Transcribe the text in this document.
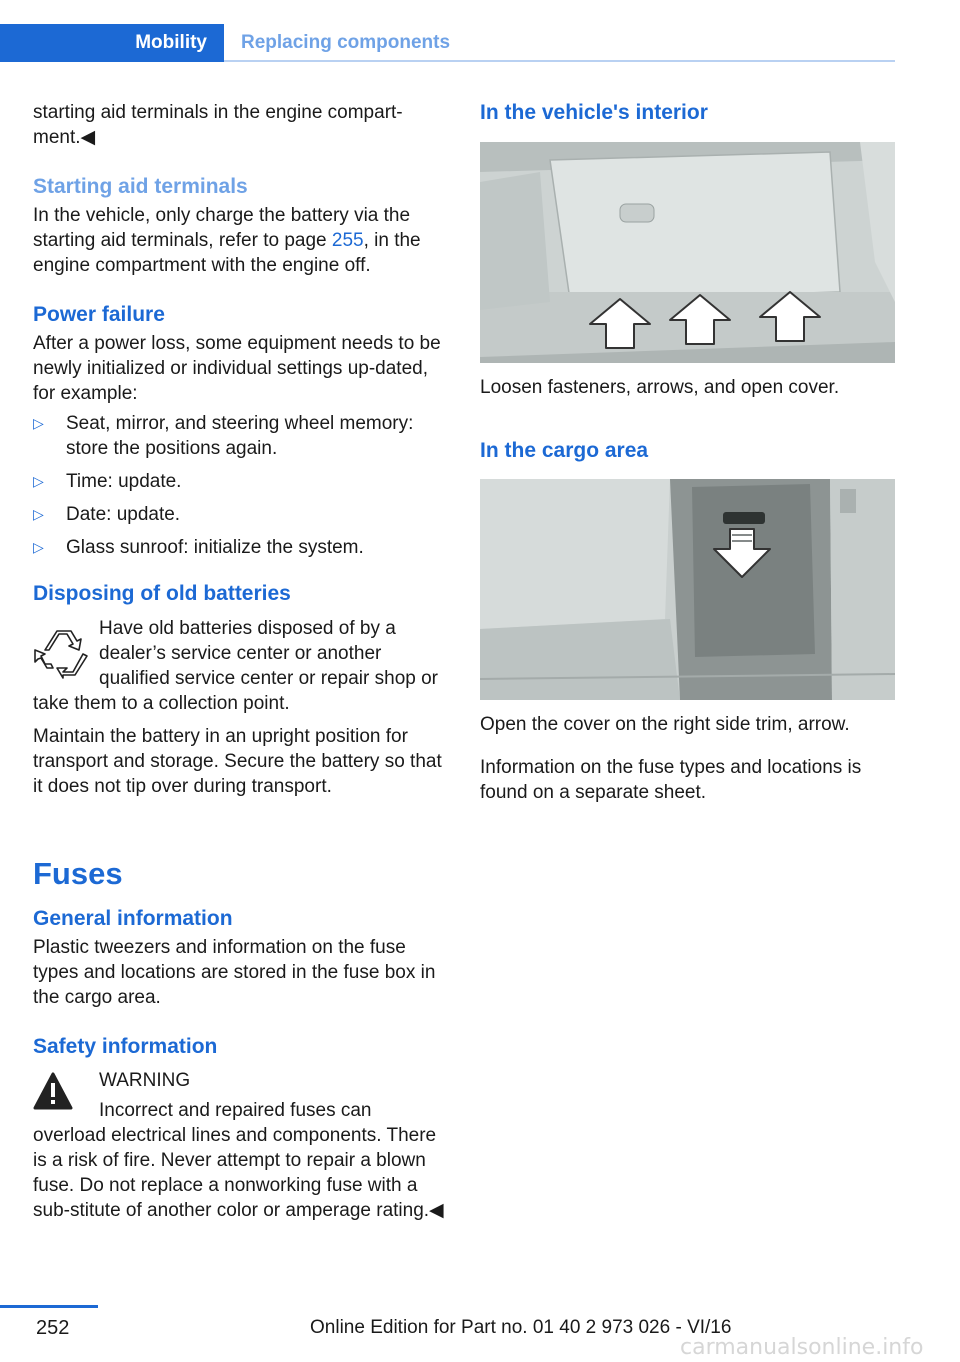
Mobility	Replacing components

starting aid terminals in the engine compart‐ment.◀

Starting aid terminals

In the vehicle, only charge the battery via the starting aid terminals, refer to page 255, in the engine compartment with the engine off.

Power failure

After a power loss, some equipment needs to be newly initialized or individual settings up‐dated, for example:

▷ Seat, mirror, and steering wheel memory: store the positions again.
▷ Time: update.
▷ Date: update.
▷ Glass sunroof: initialize the system.
Disposing of old batteries

Have old batteries disposed of by a dealer’s service center or another qualified service center or repair shop or take them to a collection point.

Maintain the battery in an upright position for transport and storage. Secure the battery so that it does not tip over during transport.

Fuses
General information

Plastic tweezers and information on the fuse types and locations are stored in the fuse box in the cargo area.

Safety information

WARNING

Incorrect and repaired fuses can overload electrical lines and components. There is a risk of fire. Never attempt to repair a blown fuse. Do not replace a nonworking fuse with a sub‐stitute of another color or amperage rating.◀

In the vehicle's interior

Loosen fasteners, arrows, and open cover.

In the cargo area

Open the cover on the right side trim, arrow.

Information on the fuse types and locations is found on a separate sheet.

252	Online Edition for Part no. 01 40 2 973 026 - VI/16
carmanualsonline.info
